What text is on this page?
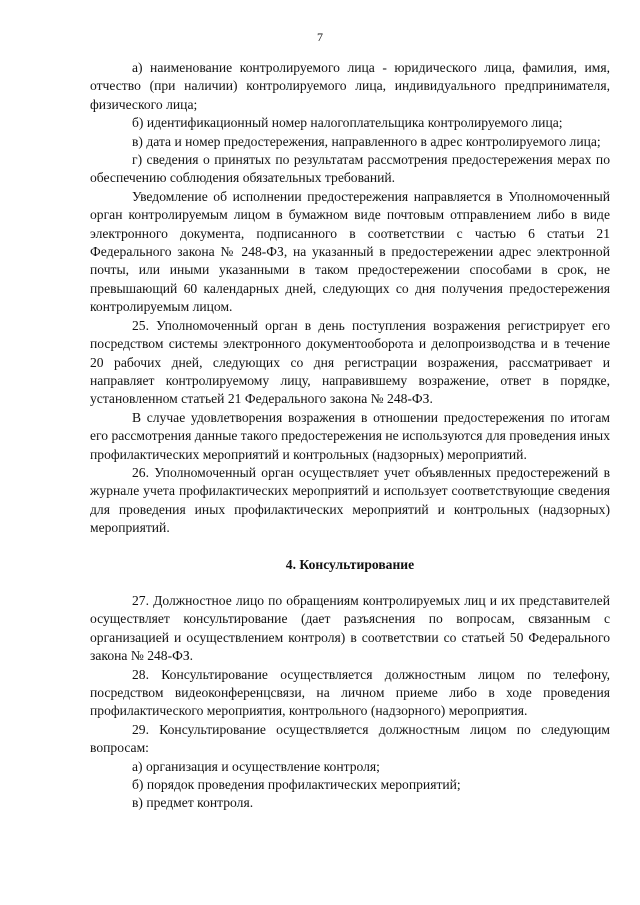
7

а) наименование контролируемого лица - юридического лица, фамилия, имя, отчество (при наличии) контролируемого лица, индивидуального предпринимателя, физического лица;

б) идентификационный номер налогоплательщика контролируемого лица;

в) дата и номер предостережения, направленного в адрес контролируемого лица;

г) сведения о принятых по результатам рассмотрения предостережения мерах по обеспечению соблюдения обязательных требований.

Уведомление об исполнении предостережения направляется в Уполномоченный орган контролируемым лицом в бумажном виде почтовым отправлением либо в виде электронного документа, подписанного в соответствии с частью 6 статьи 21 Федерального закона № 248-ФЗ, на указанный в предостережении адрес электронной почты, или иными указанными в таком предостережении способами в срок, не превышающий 60 календарных дней, следующих со дня получения предостережения контролируемым лицом.

25. Уполномоченный орган в день поступления возражения регистрирует его посредством системы электронного документооборота и делопроизводства и в течение 20 рабочих дней, следующих со дня регистрации возражения, рассматривает и направляет контролируемому лицу, направившему возражение, ответ в порядке, установленном статьей 21 Федерального закона № 248-ФЗ.

В случае удовлетворения возражения в отношении предостережения по итогам его рассмотрения данные такого предостережения не используются для проведения иных профилактических мероприятий и контрольных (надзорных) мероприятий.

26. Уполномоченный орган осуществляет учет объявленных предостережений в журнале учета профилактических мероприятий и использует соответствующие сведения для проведения иных профилактических мероприятий и контрольных (надзорных) мероприятий.

4. Консультирование

27. Должностное лицо по обращениям контролируемых лиц и их представителей осуществляет консультирование (дает разъяснения по вопросам, связанным с организацией и осуществлением контроля) в соответствии со статьей 50 Федерального закона № 248-ФЗ.

28. Консультирование осуществляется должностным лицом по телефону, посредством видеоконференцсвязи, на личном приеме либо в ходе проведения профилактического мероприятия, контрольного (надзорного) мероприятия.

29. Консультирование осуществляется должностным лицом по следующим вопросам:

а) организация и осуществление контроля;

б) порядок проведения профилактических мероприятий;

в) предмет контроля.
